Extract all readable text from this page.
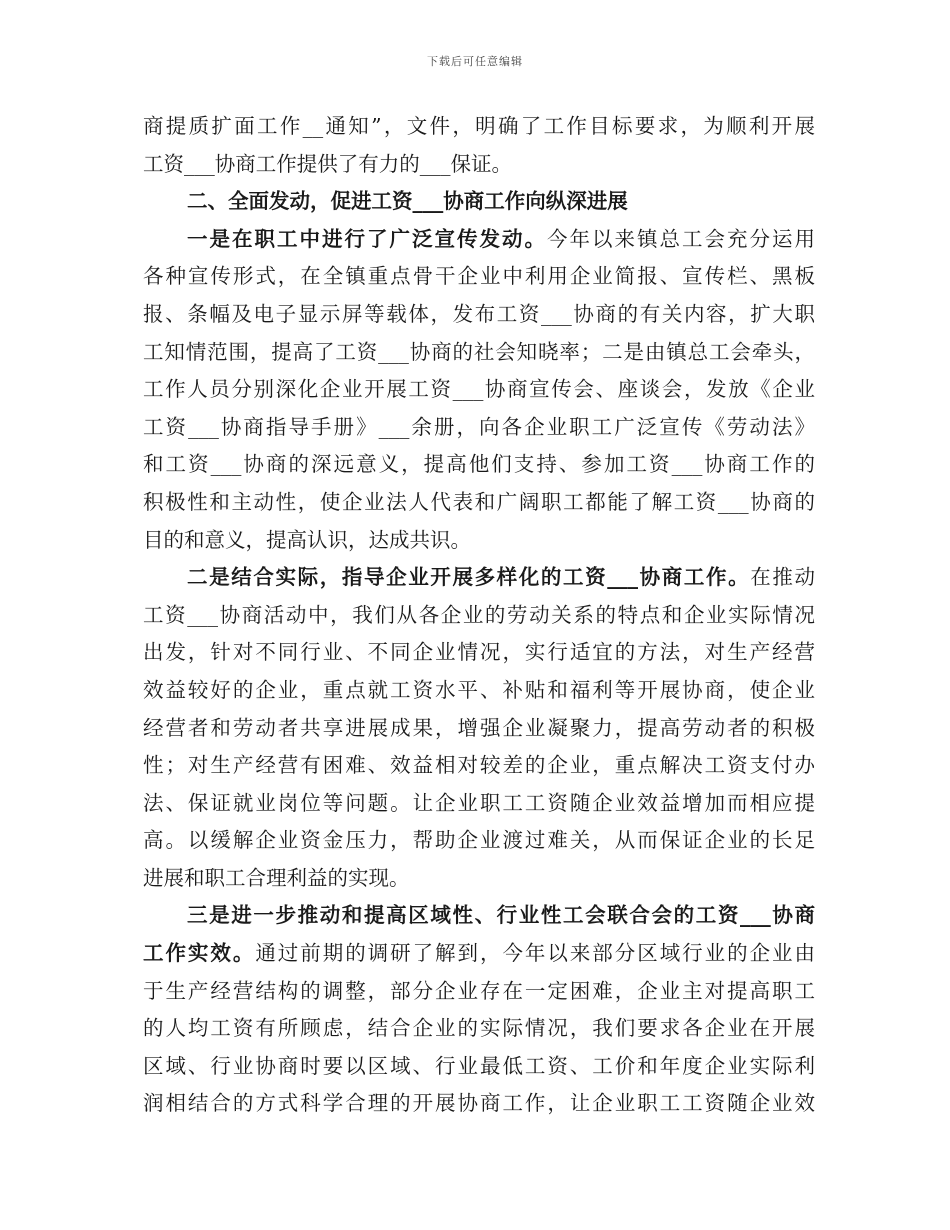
下载后可任意编辑
商提质扩面工作__通知”，文件，明确了工作目标要求，为顺利开展
工资___协商工作提供了有力的___保证。
二、全面发动，促进工资___协商工作向纵深进展
一是在职工中进行了广泛宣传发动。今年以来镇总工会充分运用
各种宣传形式，在全镇重点骨干企业中利用企业简报、宣传栏、黑板
报、条幅及电子显示屏等载体，发布工资___协商的有关内容，扩大职
工知情范围，提高了工资___协商的社会知晓率；二是由镇总工会牵头，
工作人员分别深化企业开展工资___协商宣传会、座谈会，发放《企业
工资___协商指导手册》___余册，向各企业职工广泛宣传《劳动法》
和工资___协商的深远意义，提高他们支持、参加工资___协商工作的
积极性和主动性，使企业法人代表和广阔职工都能了解工资___协商的
目的和意义，提高认识，达成共识。
二是结合实际，指导企业开展多样化的工资___协商工作。在推动
工资___协商活动中，我们从各企业的劳动关系的特点和企业实际情况
出发，针对不同行业、不同企业情况，实行适宜的方法，对生产经营
效益较好的企业，重点就工资水平、补贴和福利等开展协商，使企业
经营者和劳动者共享进展成果，增强企业凝聚力，提高劳动者的积极
性；对生产经营有困难、效益相对较差的企业，重点解决工资支付办
法、保证就业岗位等问题。让企业职工工资随企业效益增加而相应提
高。以缓解企业资金压力，帮助企业渡过难关，从而保证企业的长足
进展和职工合理利益的实现。
三是进一步推动和提高区域性、行业性工会联合会的工资___协商
工作实效。通过前期的调研了解到，今年以来部分区域行业的企业由
于生产经营结构的调整，部分企业存在一定困难，企业主对提高职工
的人均工资有所顾虑，结合企业的实际情况，我们要求各企业在开展
区域、行业协商时要以区域、行业最低工资、工价和年度企业实际利
润相结合的方式科学合理的开展协商工作，让企业职工工资随企业效
